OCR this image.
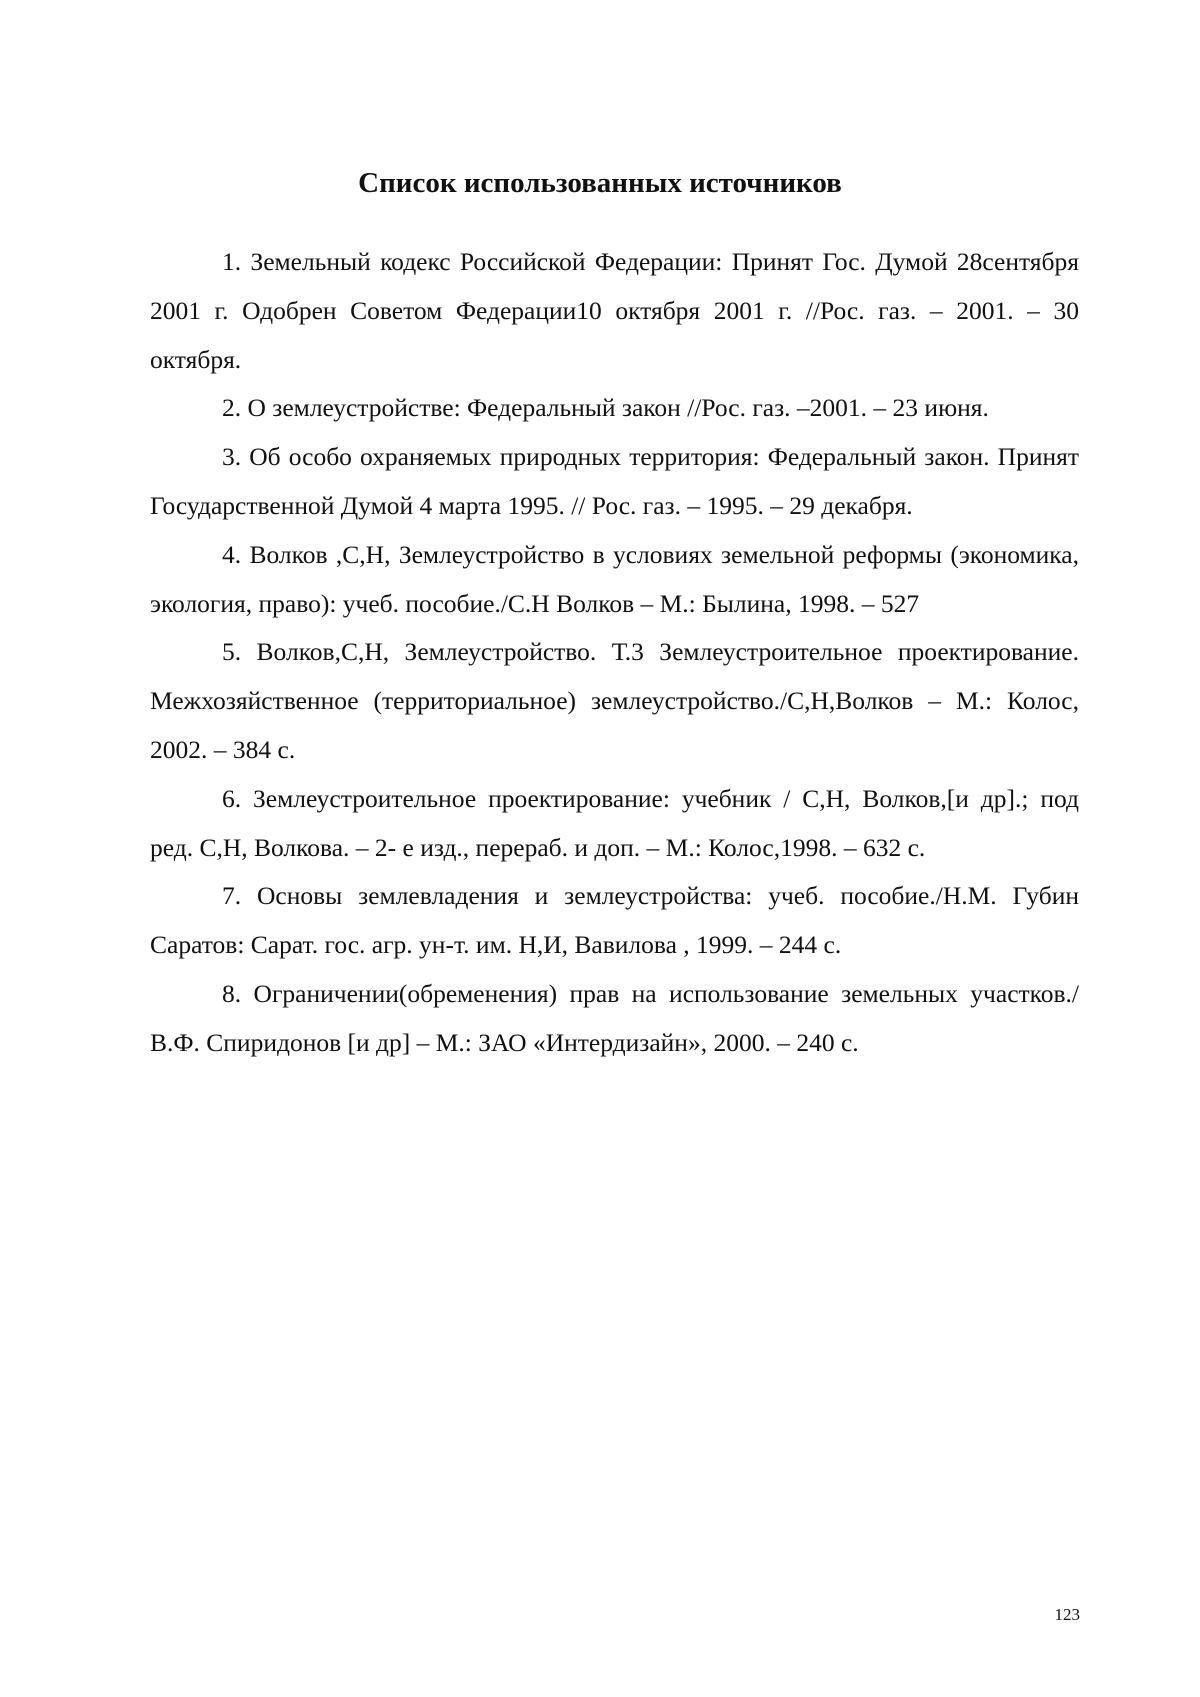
Список использованных источников
1. Земельный кодекс Российской Федерации: Принят Гос. Думой 28сентября 2001 г. Одобрен Советом Федерации10 октября 2001 г. //Рос. газ. – 2001. – 30 октября.
2. О землеустройстве: Федеральный закон //Рос. газ. –2001. – 23 июня.
3. Об особо охраняемых природных территория: Федеральный закон. Принят Государственной Думой 4 марта 1995. // Рос. газ. – 1995. – 29 декабря.
4. Волков ,С,Н, Землеустройство в условиях земельной реформы (экономика, экология, право): учеб. пособие./С.Н Волков – М.: Былина, 1998. – 527
5. Волков,С,Н, Землеустройство. Т.3 Землеустроительное проектирование. Межхозяйственное (территориальное) землеустройство./С,Н,Волков – М.: Колос, 2002. – 384 с.
6. Землеустроительное проектирование: учебник / С,Н, Волков,[и др].; под ред. С,Н, Волкова. – 2- е изд., перераб. и доп. – М.: Колос,1998. – 632 с.
7. Основы землевладения и землеустройства: учеб. пособие./Н.М. Губин Саратов: Сарат. гос. агр. ун-т. им. Н,И, Вавилова , 1999. – 244 с.
8. Ограничении(обременения) прав на использование земельных участков./ В.Ф. Спиридонов [и др] – М.: ЗАО «Интердизайн», 2000. – 240 с.
123
